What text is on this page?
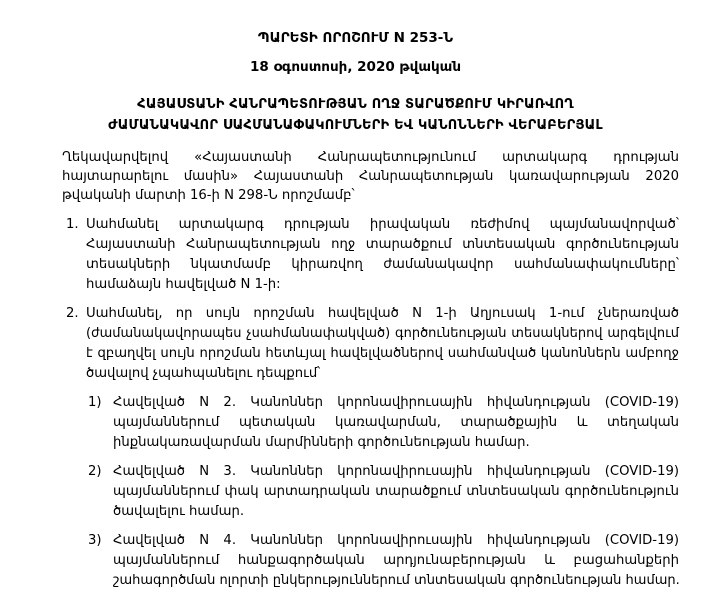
ՊԱՐԵՏԻ ՈՐՈՇՈՒՄ N 253-Ն
18 օգոստոսի, 2020 թվական
ՀԱՅԱՍՏԱՆԻ ՀԱՆՐԱՊԵՏՈՒԹՅԱՆ ՈՂՋ ՏԱՐԱԾՔՈՒՄ ԿԻՐԱՌՎՈՂ
ԺԱՄԱՆԱԿԱՎՈՐ ՍԱՀՄԱՆԱՓԱԿՈՒՄՆԵՐԻ ԵՎ ԿԱՆՈՆՆԵՐԻ ՎԵՐԱԲԵՐՅԱԼ
Ղեկավարվելով «Հայաստանի Հանրապետությունում արտակարգ դրության
հայտարարելու մասին» Հայաստանի Հանրապետության կառավարության 2020
թվականի մարտի 16-ի N 298-Ն որոշմամբ՝
1. Սահմանել արտակարգ դրության իրավական ռեժիմով պայմանավորված՝
Հայաստանի Հանրապետության ողջ տարածքում տնտեսական գործունեության
տեսակների նկատմամբ կիրառվող ժամանակավոր սահմանափակումները՝
համաձայն հավելված N 1-ի:
2. Սահմանել, որ սույն որոշման հավելված N 1-ի Աղյուսակ 1-ում չներառված
(ժամանակավորապես չսահմանափակված) գործունեության տեսակներով արգելվում
է զբաղվել սույն որոշման հետևյալ հավելվածներով սահմանված կանոններն ամբողջ
ծավալով չպահպանելու դեպքում՝
1) Հավելված N 2. Կանոններ կորոնավիրուսային հիվանդության (COVID-19)
պայմաններում պետական կառավարման, տարածքային և տեղական
ինքնակառավարման մարմինների գործունեության համար.
2) Հավելված N 3. Կանոններ կորոնավիրուսային հիվանդության (COVID-19)
պայմաններում փակ արտադրական տարածքում տնտեսական գործունեություն
ծավալելու համար.
3) Հավելված N 4. Կանոններ կորոնավիրուսային հիվանդության (COVID-19)
պայմաններում հանքագործական արդյունաբերության և բացահանքերի
շահագործման ոլորտի ընկերություններում տնտեսական գործունեության համար.
